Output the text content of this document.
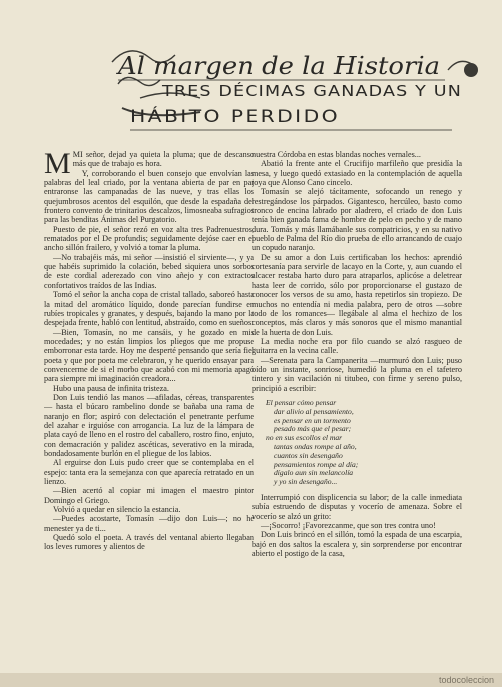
Al margen de la Historia
TRES DÉCIMAS GANADAS Y UN
HÁBITO PERDIDO

MMI señor, dejad ya quieta la pluma; que de descanso más que de trabajo es hora.

Y, corroborando el buen consejo que envolvían las palabras del leal criado, por la ventana abierta de par en par entraronse las campanadas de las nueve, y tras ellas los quejumbrosos acentos del esquilón, que desde la espadaña del frontero convento de trinitarios descalzos, limosneaba sufragios para las benditas Ánimas del Purgatorio.

Puesto de pie, el señor rezó en voz alta tres Padrenuestros, rematados por el De profundis; seguidamente dejóse caer en el ancho sillón frailero, y volvió a tomar la pluma.

—No trabajéis más, mi señor —insistió el sirviente—, y ya que habéis suprimido la colación, bebed siquiera unos sorbos de este cordial aderezado con vino añejo y con extractos confortativos traídos de las Indias.

Tomó el señor la ancha copa de cristal tallado, saboreó hasta la mitad del aromático líquido, donde parecían fundirse en rubíes tropicales y granates, y después, bajando la mano por la despejada frente, habló con lentitud, abstraído, como en sueños:

—Bien, Tomasín, no me cansáis, y he gozado en mis mocedades; y no están limpios los pliegos que me propuse emborronar esta tarde. Hoy me desperté pensando que sería fiel poeta y que por poeta me celebraron, y he querido ensayar para convencerme de si el morbo que acabó con mi memoria apagó para siempre mi imaginación creadora...

Hubo una pausa de infinita tristeza.

Don Luis tendió las manos —afiladas, céreas, transparentes— hasta el búcaro rambelino donde se bañaba una rama de naranjo en flor; aspiró con delectación el penetrante perfume del azahar e irguióse con arrogancia. La luz de la lámpara de plata cayó de lleno en el rostro del caballero, rostro fino, enjuto, con demacración y palidez ascéticas, severativo en la mirada, bondadosamente burlón en el pliegue de los labios.

Al erguirse don Luis pudo creer que se contemplaba en el espejo: tanta era la semejanza con que aparecía retratado en un lienzo.

—Bien acertó al copiar mi imagen el maestro pintor Domingo el Griego.

Volvió a quedar en silencio la estancia.

—Puedes acostarte, Tomasín —dijo don Luis—; no he menester ya de ti...

Quedó solo el poeta. A través del ventanal abierto llegaban los leves rumores y alientos de

nuestra Córdoba en estas blandas noches vernales...

Abatió la frente ante el Crucifijo marfileño que presidía la mesa, y luego quedó extasiado en la contemplación de aquella joya que Alonso Cano cincelo.

Tomasín se alejó tácitamente, sofocando un renego y restregándose los párpados. Gigantesco, hercúleo, basto como tronco de encina labrado por aladrero, el criado de don Luis tenía bien ganada fama de hombre de pelo en pecho y de mano dura. Tomás y más llamábanle sus compatricios, y en su nativo pueblo de Palma del Río dio prueba de ello arrancando de cuajo un copudo naranjo.

De su amor a don Luis certificaban los hechos: aprendió cortesanía para servirle de lacayo en la Corte, y, aun cuando el alcacer restaba harto duro para atraparlos, aplicóse a deletrear hasta leer de corrido, sólo por proporcionarse el gustazo de conocer los versos de su amo, hasta repetirlos sin tropiezo. De muchos no entendía ni media palabra, pero de otros —sobre todo de los romances— llegábale al alma el hechizo de los conceptos, más claros y más sonoros que el mismo manantial de la huerta de don Luis.

La media noche era por filo cuando se alzó rasgueo de guitarra en la vecina calle.

—Serenata para la Campanerita —murmuró don Luis; puso oído un instante, sonriose, humedió la pluma en el tafetero tintero y sin vacilación ni titubeo, con firme y sereno pulso, principió a escribir:

El pensar cómo pensar
dar alivio al pensamiento,
es pensar en un tormento
pesado más que el pesar;
no en sus escollos el mar
tantas ondas rompe al año,
cuantos sin desengaño
pensamientos rompe al día;
dígalo aun sin melancolía
y yo sin desengaño...

Interrumpió con displicencia su labor; de la calle inmediata subía estruendo de disputas y vocerío de amenaza. Sobre el vocerío se alzó un grito:

—¡Socorro! ¡Favorezcanme, que son tres contra uno!

Don Luis brincó en el sillón, tomó la espada de una escarpia, bajó en dos saltos la escalera y, sin sorprenderse por encontrar abierto el postigo de la casa,

todocoleccion
